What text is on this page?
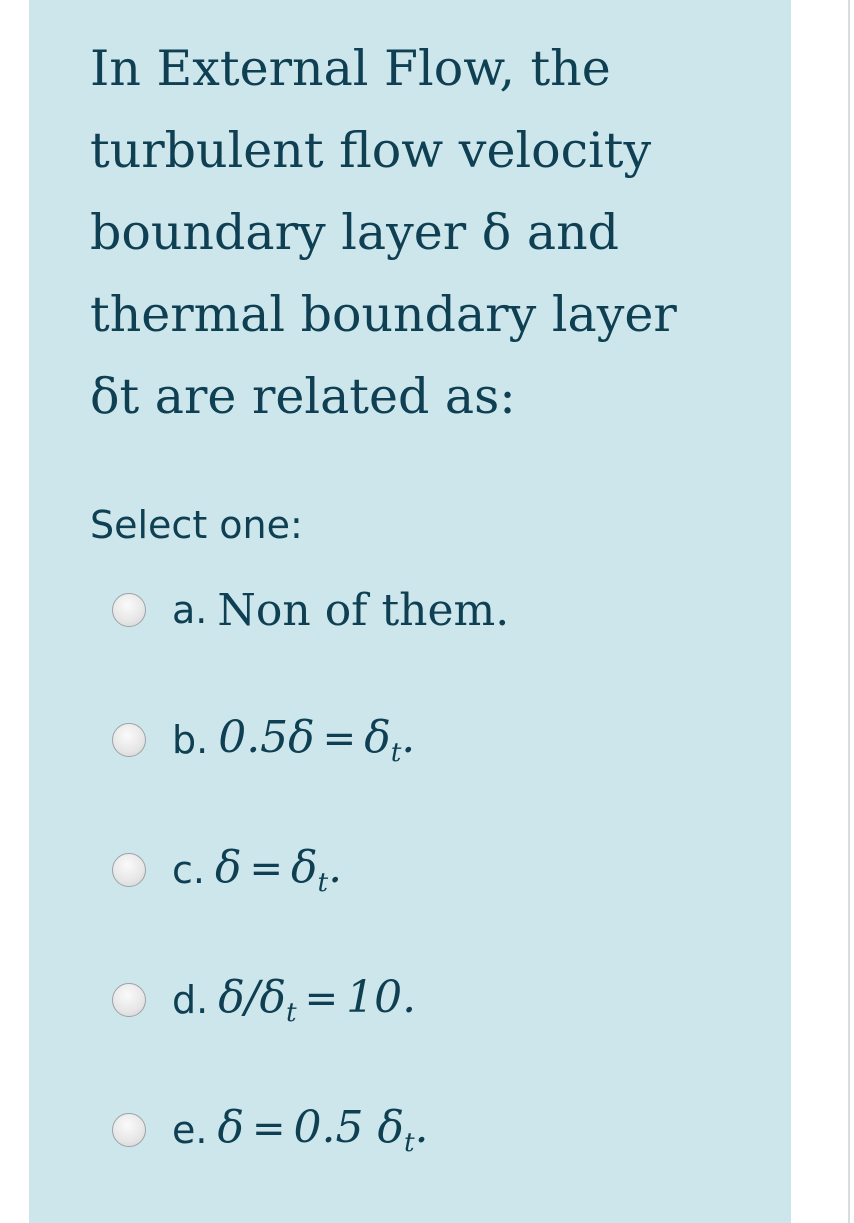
In External Flow, the
turbulent flow velocity
boundary layer δ and
thermal boundary layer
δt are related as:
Select one:
a. Non of them.
b. $0.5\delta = \delta_t$.
c. $\delta = \delta_t$.
d. $\delta/\delta_t = 10$.
e. δ = 0.5 $\delta_t$.
